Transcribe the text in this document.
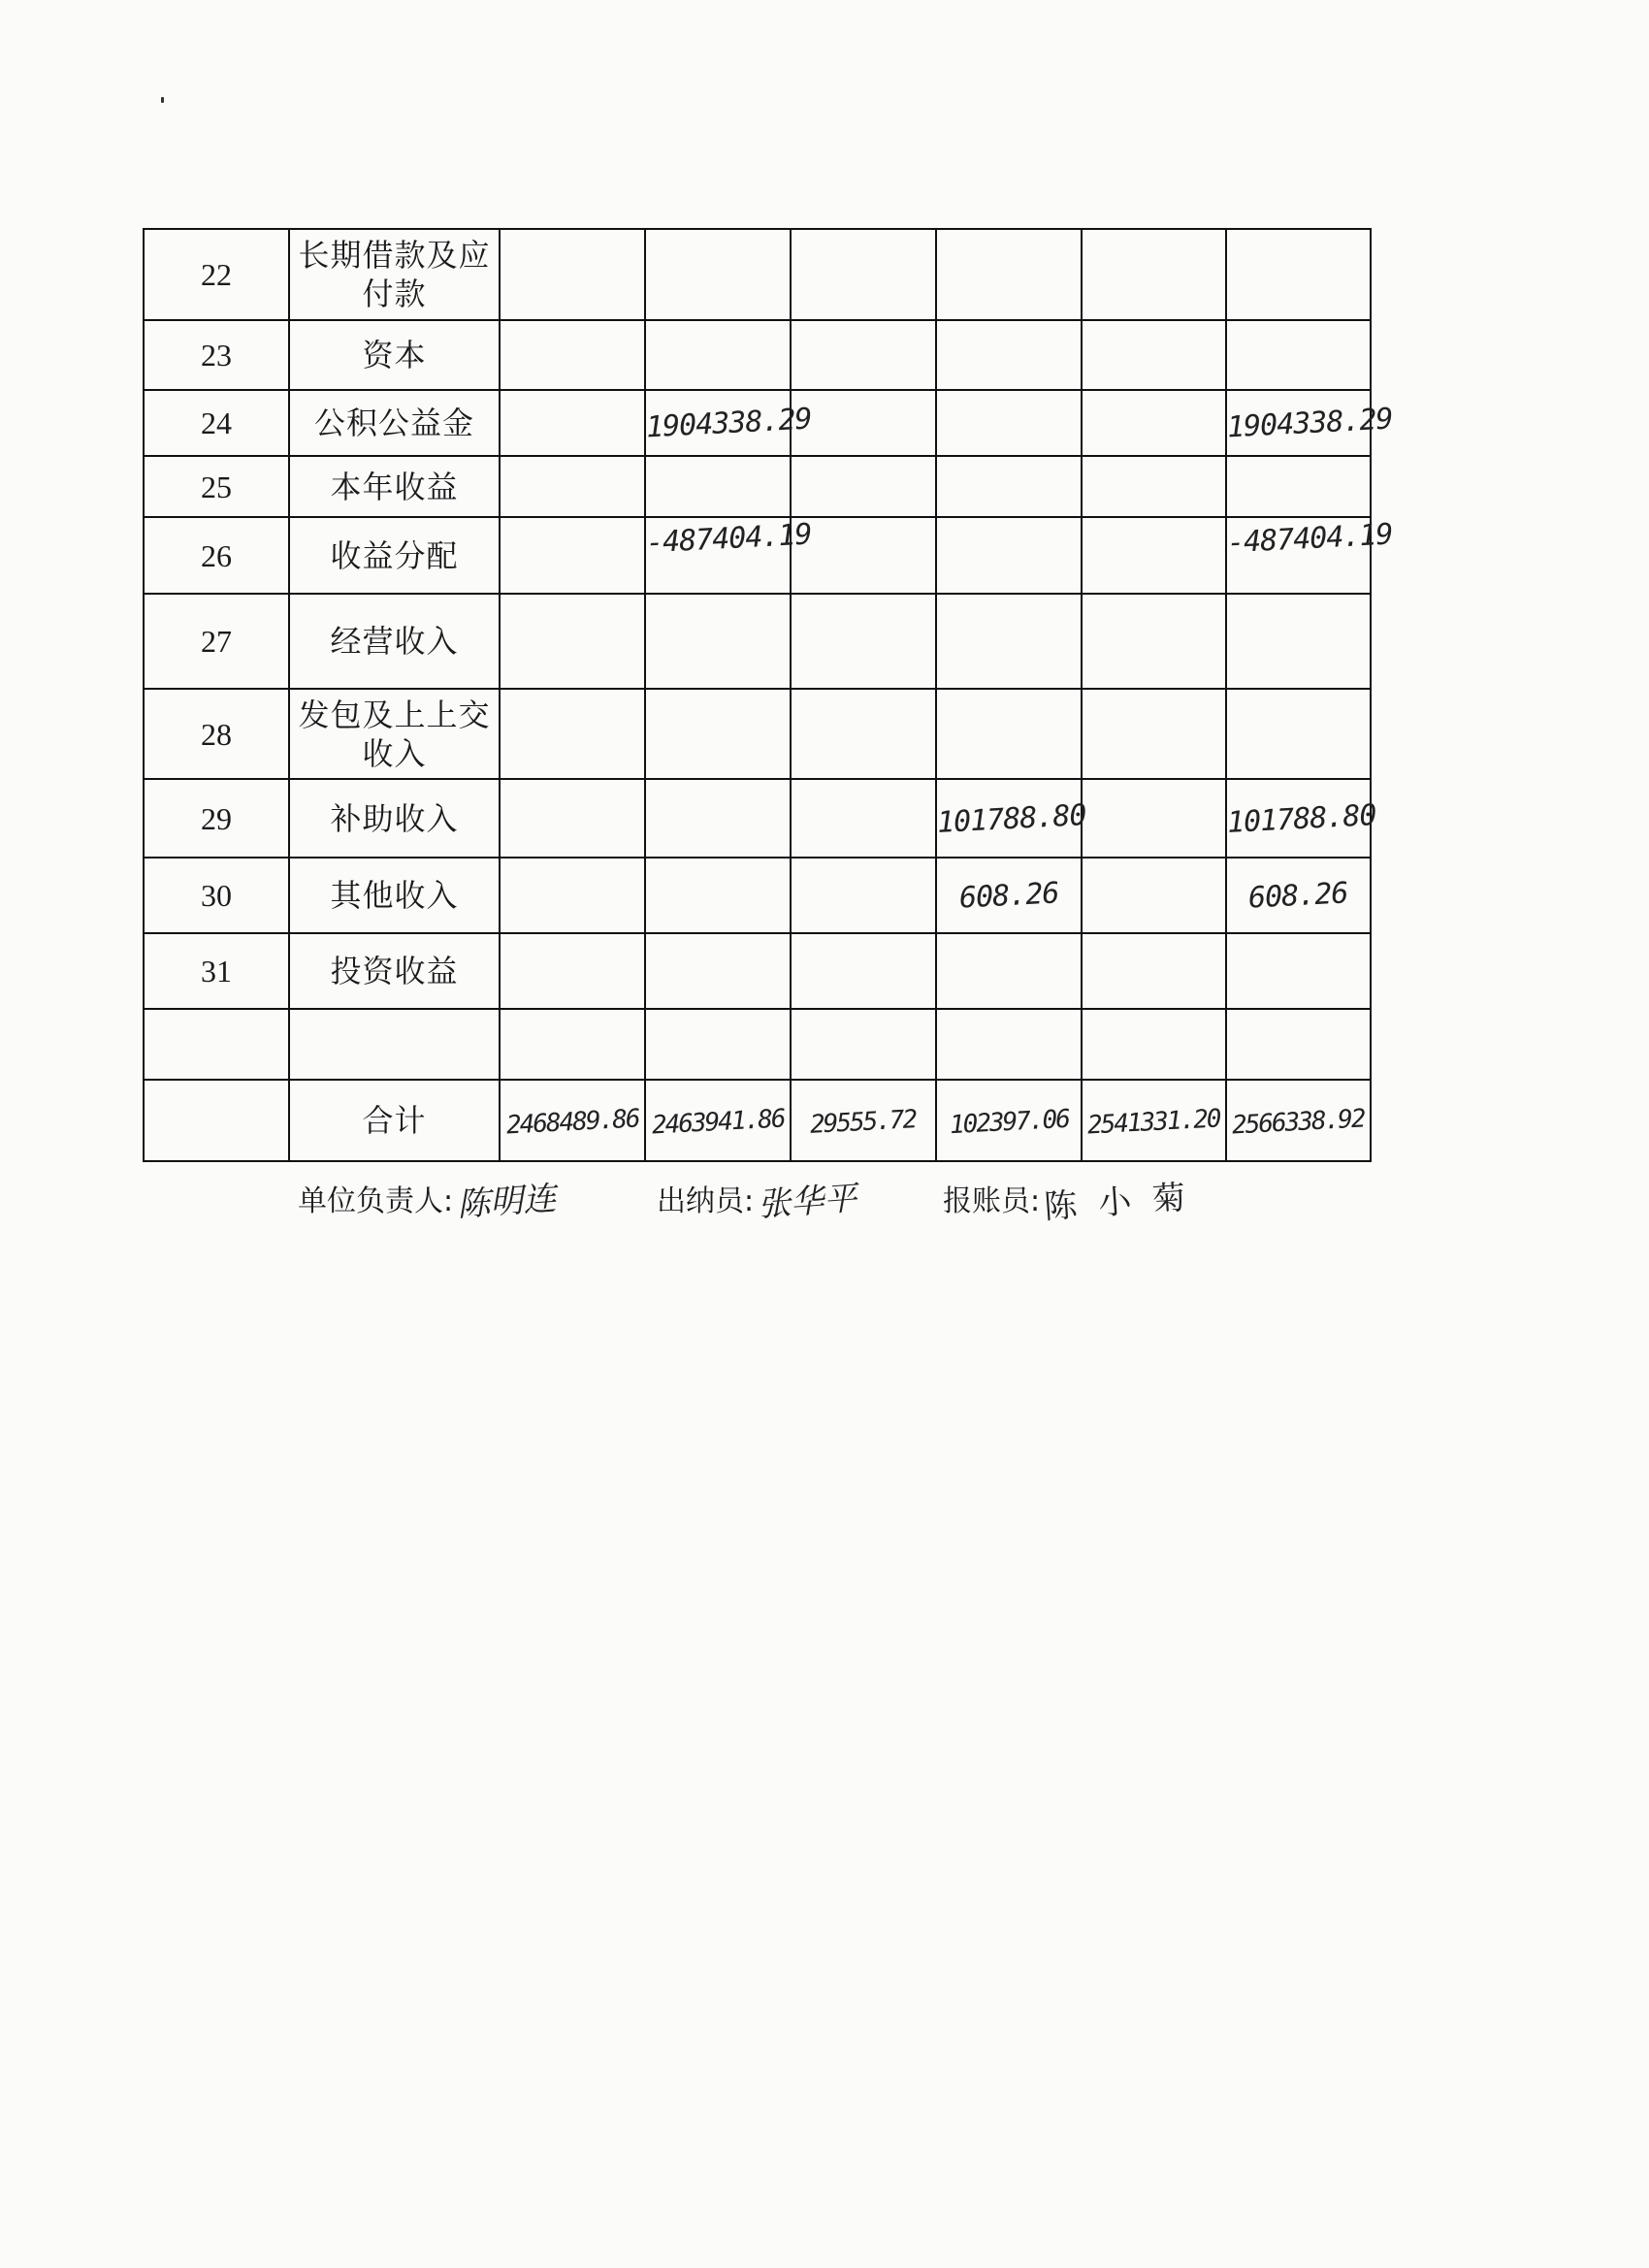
22	长期借款及应
付款						

23	资本						

24	公积公益金		1904338.29				1904338.29
25	本年收益						

26	收益分配		-487404.19				-487404.19
27	经营收入						

28	发包及上上交
收入						

29	补助收入				101788.80		101788.80
30	其他收入				608.26		608.26
31	投资收益						

	合计	2468489.86	2463941.86	29555.72	102397.06	2541331.20	2566338.92
单位负责人: 陈明连	出纳员: 张华平	报账员: 陈小菊
